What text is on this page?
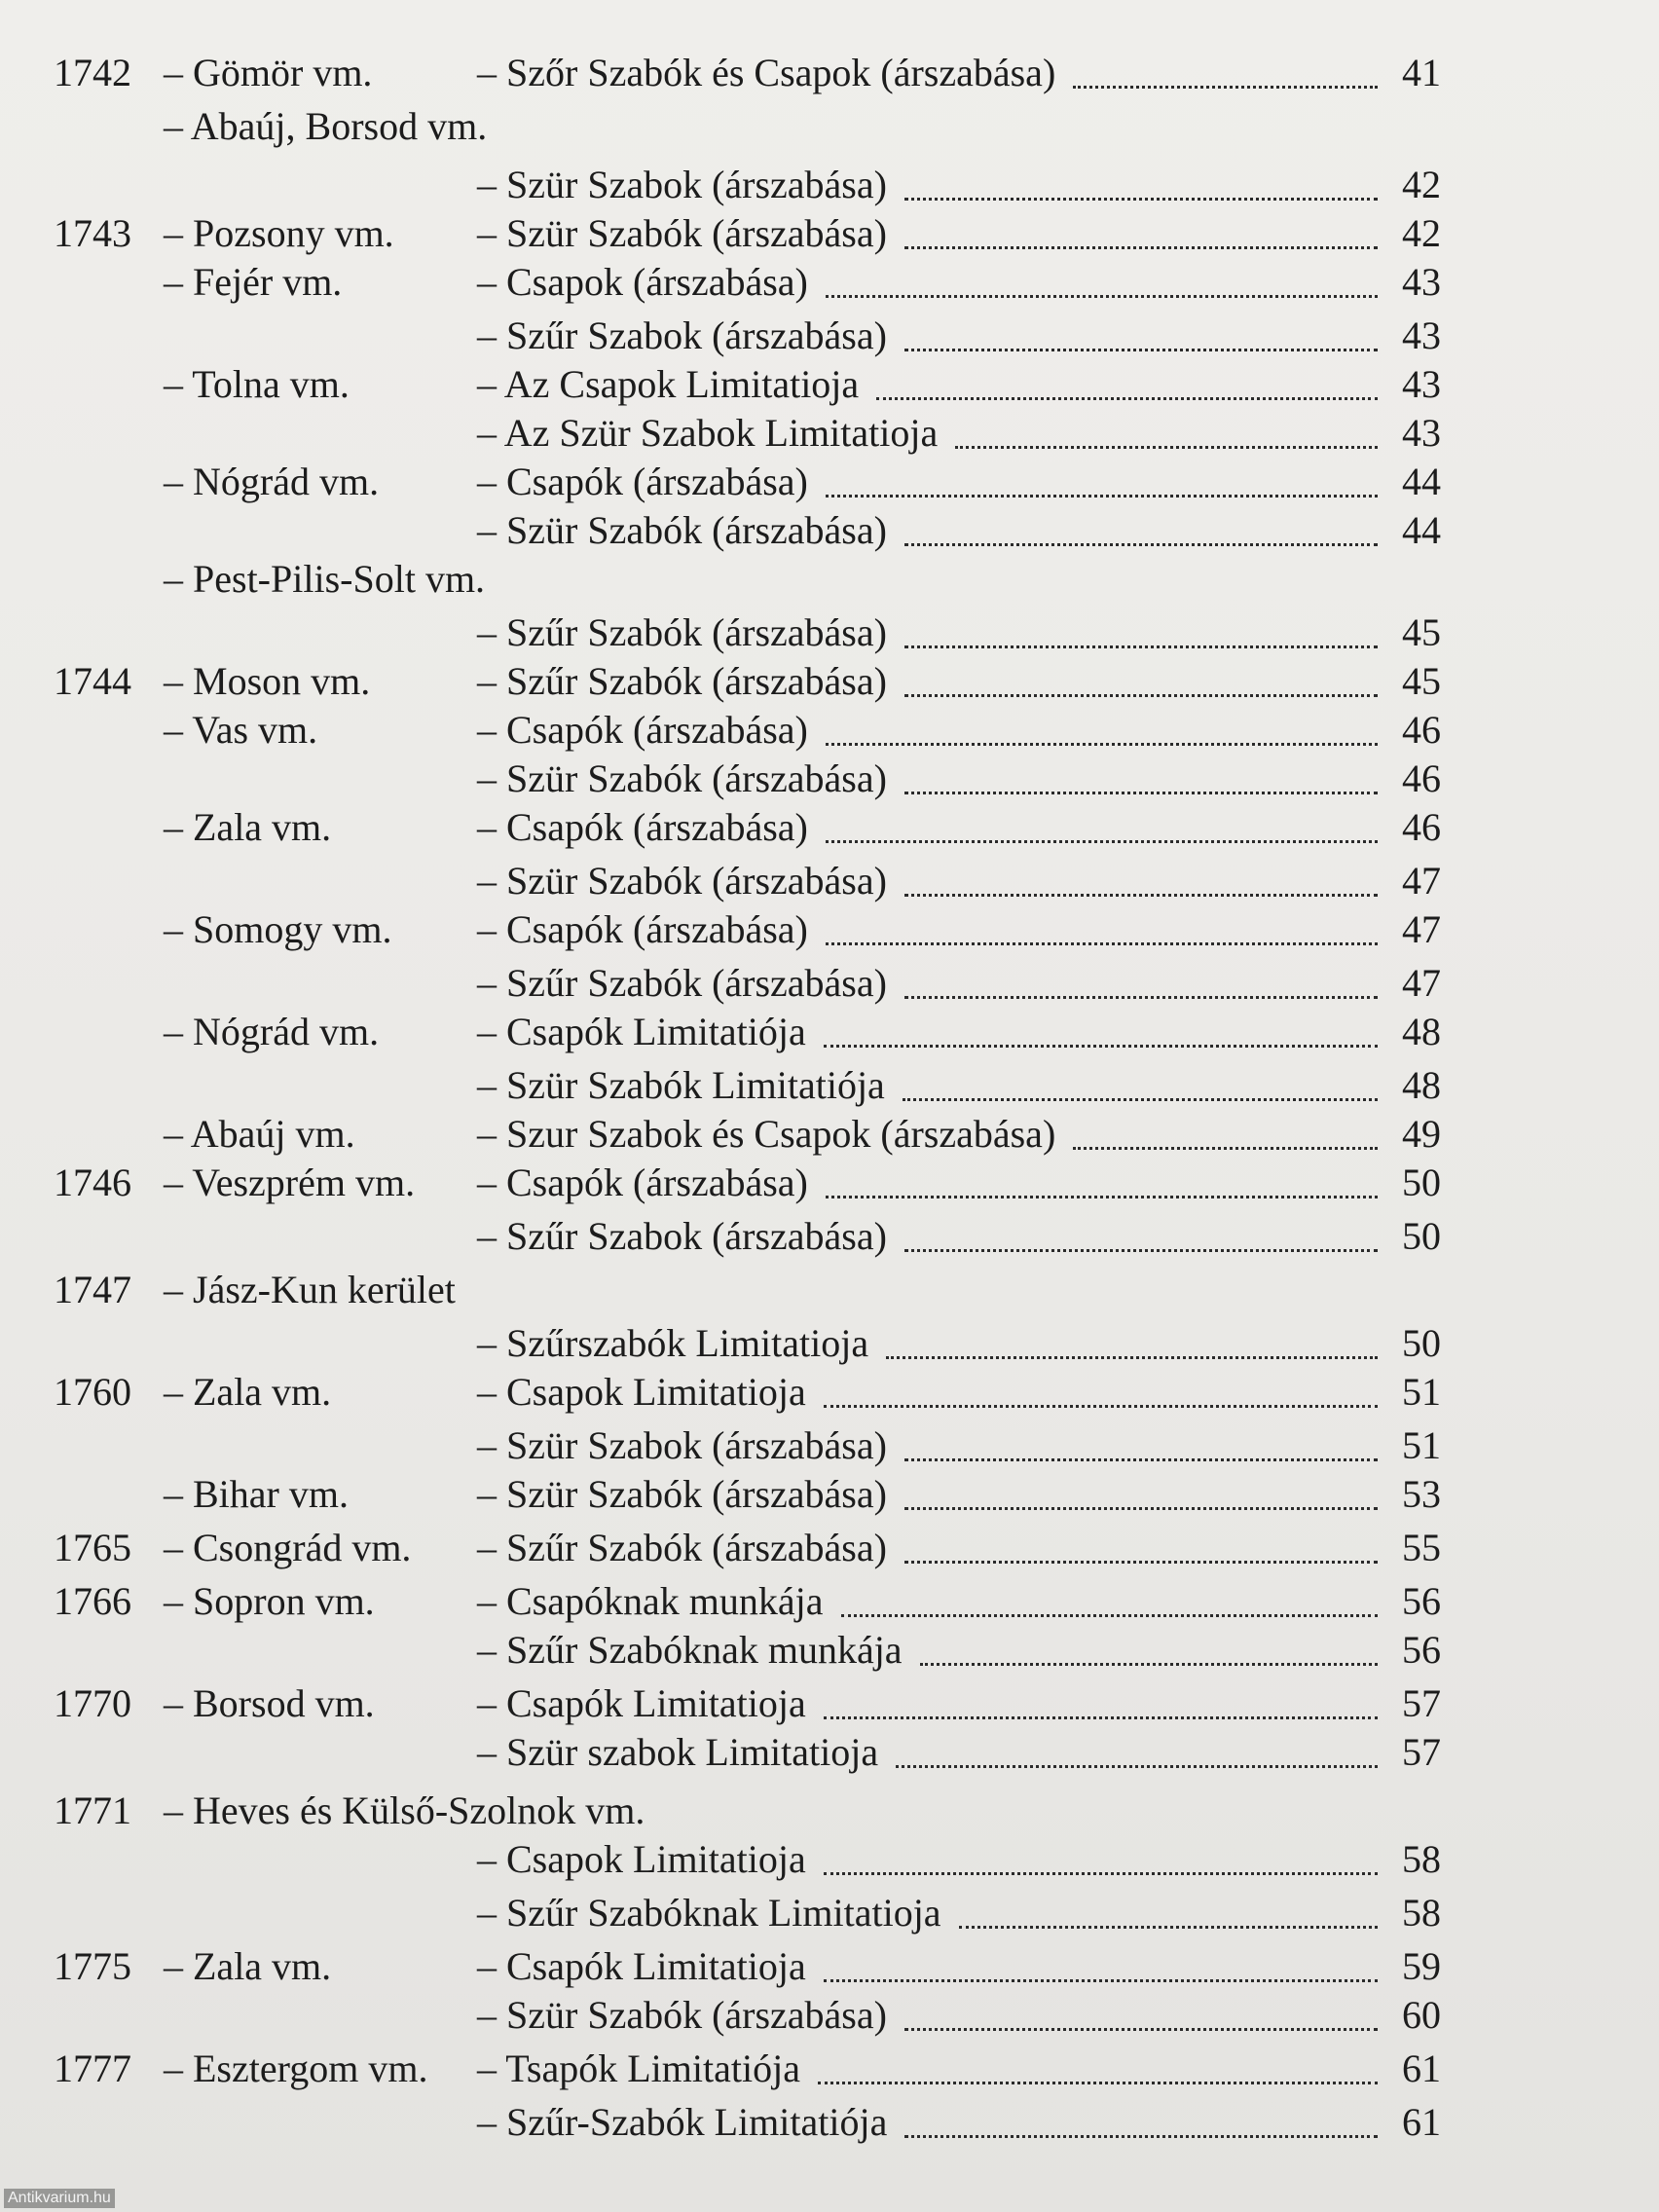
1742 – Gömör vm.	– Szőr Szabók és Csapok (árszabása)	41
– Abaúj, Borsod vm.
– Szür Szabok (árszabása)	42
1743 – Pozsony vm. – Szür Szabók (árszabása)	42
– Fejér vm.	– Csapok (árszabása)	43
– Szűr Szabok (árszabása)	43
– Tolna vm.	– Az Csapok Limitatioja	43
– Az Szür Szabok Limitatioja	43
– Nógrád vm.	– Csapók (árszabása)	44
– Szür Szabók (árszabása)	44
– Pest-Pilis-Solt vm.
– Szűr Szabók (árszabása)	45
1744 – Moson vm.	– Szűr Szabók (árszabása)	45
– Vas vm.	– Csapók (árszabása)	46
– Szür Szabók (árszabása)	46
– Zala vm.	– Csapók (árszabása)	46
– Szür Szabók (árszabása)	47
– Somogy vm. – Csapók (árszabása)	47
– Szűr Szabók (árszabása)	47
– Nógrád vm.	– Csapók Limitatiója	48
– Szür Szabók Limitatiója	48
– Abaúj vm.	– Szur Szabok és Csapok (árszabása)	49
1746 – Veszprém vm. – Csapók (árszabása)	50
– Szűr Szabok (árszabása)	50
1747 – Jász-Kun kerület
– Szűrszabók Limitatioja	50
1760 – Zala vm.	– Csapok Limitatioja	51
– Szür Szabok (árszabása)	51
– Bihar vm.	– Szür Szabók (árszabása)	53
1765 – Csongrád vm. – Szűr Szabók (árszabása)	55
1766 – Sopron vm.	– Csapóknak munkája	56
– Szűr Szabóknak munkája	56
1770 – Borsod vm.	– Csapók Limitatioja	57
– Szür szabok Limitatioja	57
1771 – Heves és Külső-Szolnok vm.
– Csapok Limitatioja	58
– Szűr Szabóknak Limitatioja	58
1775 – Zala vm.	– Csapók Limitatioja	59
– Szür Szabók (árszabása)	60
1777 – Esztergom vm. – Tsapók Limitatiója	61
– Szűr-Szabók Limitatiója	61
Antikvarium.hu
